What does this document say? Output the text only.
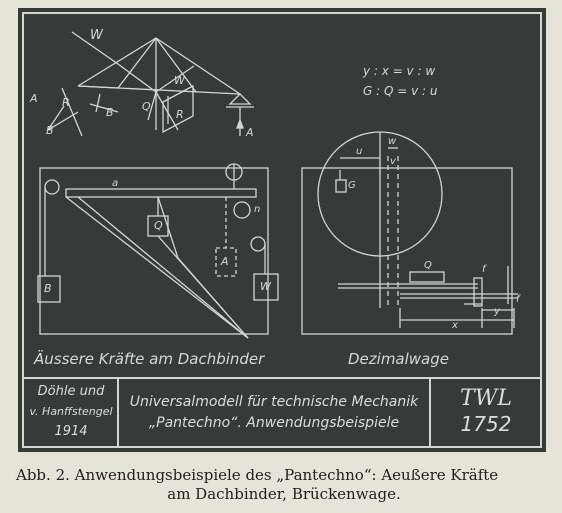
W
W
A R
B
B	Q
R
A
a
n
Q
A
B	W
y : x = v : w
G : Q = v : u
w
u
v
G
Q	f
f
x
y
Äussere Kräfte am Dachbinder	Dezimalwage
Döhle und
v. Hanffstengel
1914
Universalmodell für technische Mechanik
„Pantechno“. Anwendungsbeispiele
TWL
1752
Abb. 2. Anwendungsbeispiele des „Pantechno“: Aeußere Kräfte
am Dachbinder, Brückenwage.
